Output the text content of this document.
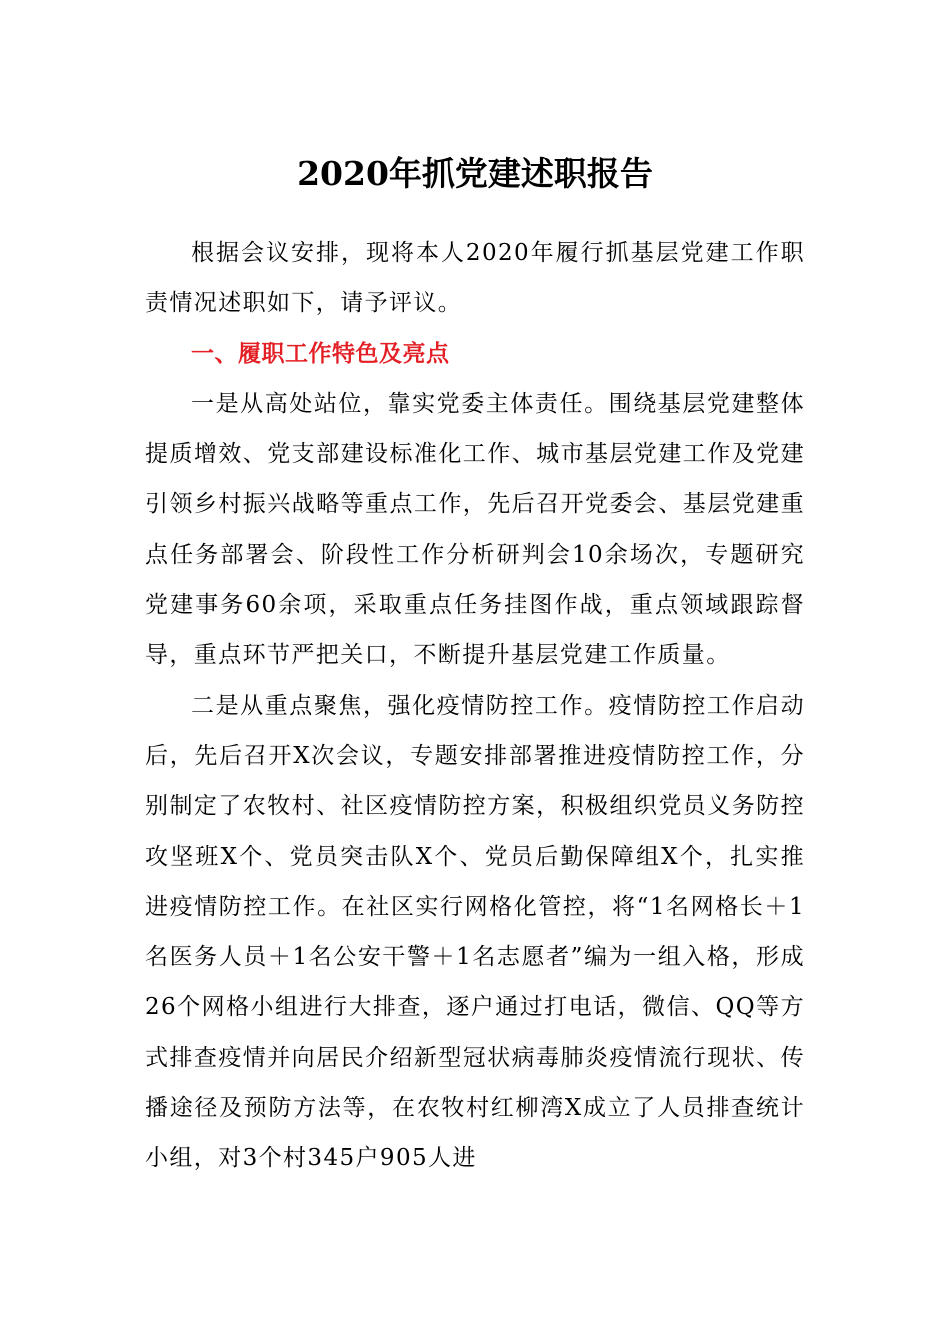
2020年抓党建述职报告

根据会议安排，现将本人2020年履行抓基层党建工作职责情况述职如下，请予评议。

一、履职工作特色及亮点

一是从高处站位，靠实党委主体责任。围绕基层党建整体提质增效、党支部建设标准化工作、城市基层党建工作及党建引领乡村振兴战略等重点工作，先后召开党委会、基层党建重点任务部署会、阶段性工作分析研判会10余场次，专题研究党建事务60余项，采取重点任务挂图作战，重点领域跟踪督导，重点环节严把关口，不断提升基层党建工作质量。

二是从重点聚焦，强化疫情防控工作。疫情防控工作启动后，先后召开X次会议，专题安排部署推进疫情防控工作，分别制定了农牧村、社区疫情防控方案，积极组织党员义务防控攻坚班X个、党员突击队X个、党员后勤保障组X个，扎实推进疫情防控工作。在社区实行网格化管控，将“1名网格长＋1名医务人员＋1名公安干警＋1名志愿者”编为一组入格，形成26个网格小组进行大排查，逐户通过打电话，微信、QQ等方式排查疫情并向居民介绍新型冠状病毒肺炎疫情流行现状、传播途径及预防方法等，在农牧村红柳湾X成立了人员排查统计小组，对3个村345户905人进
